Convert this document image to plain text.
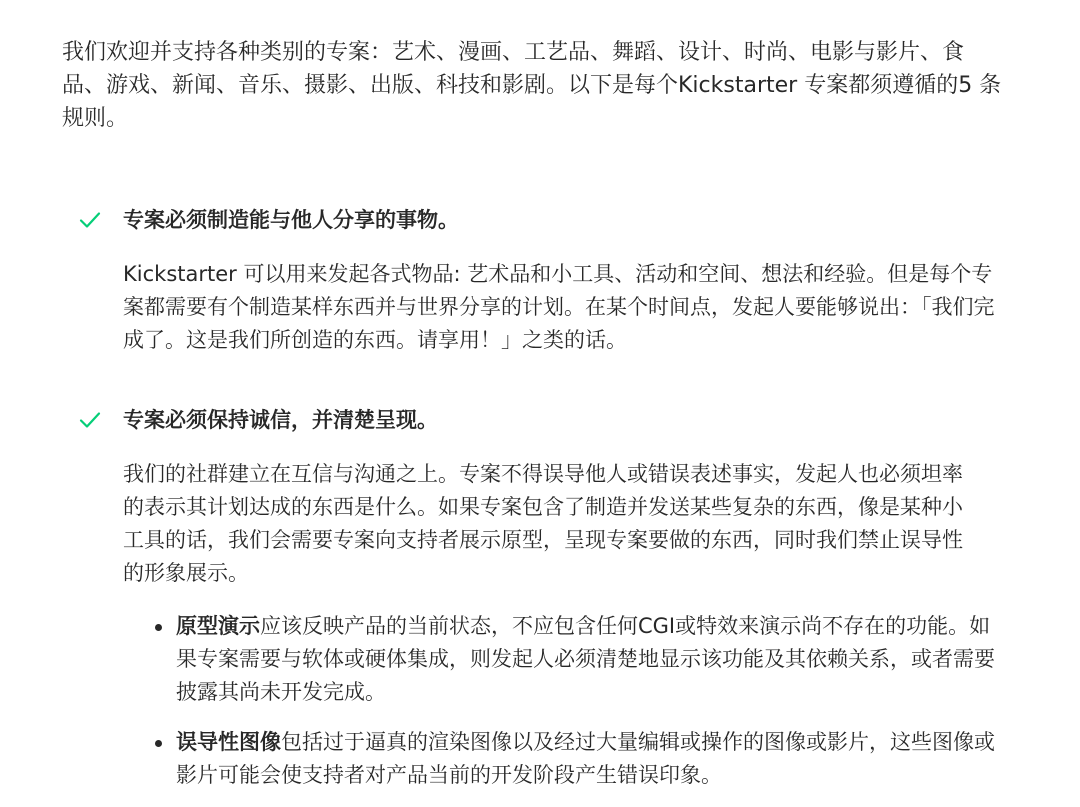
我们欢迎并支持各种类别的专案：艺术、漫画、工艺品、舞蹈、设计、时尚、电影与影片、食品、游戏、新闻、音乐、摄影、出版、科技和影剧。以下是每个Kickstarter 专案都须遵循的5 条规则。

专案必须制造能与他人分享的事物。

Kickstarter 可以用来发起各式物品: 艺术品和小工具、活动和空间、想法和经验。但是每个专案都需要有个制造某样东西并与世界分享的计划。在某个时间点，发起人要能够说出：「我们完成了。这是我们所创造的东西。请享用！」之类的话。

专案必须保持诚信，并清楚呈现。

我们的社群建立在互信与沟通之上。专案不得误导他人或错误表述事实，发起人也必须坦率的表示其计划达成的东西是什么。如果专案包含了制造并发送某些复杂的东西，像是某种小工具的话，我们会需要专案向支持者展示原型，呈现专案要做的东西，同时我们禁止误导性的形象展示。

原型演示应该反映产品的当前状态，不应包含任何CGI或特效来演示尚不存在的功能。如果专案需要与软体或硬体集成，则发起人必须清楚地显示该功能及其依赖关系，或者需要披露其尚未开发完成。

误导性图像包括过于逼真的渲染图像以及经过大量编辑或操作的图像或影片，这些图像或影片可能会使支持者对产品当前的开发阶段产生错误印象。
